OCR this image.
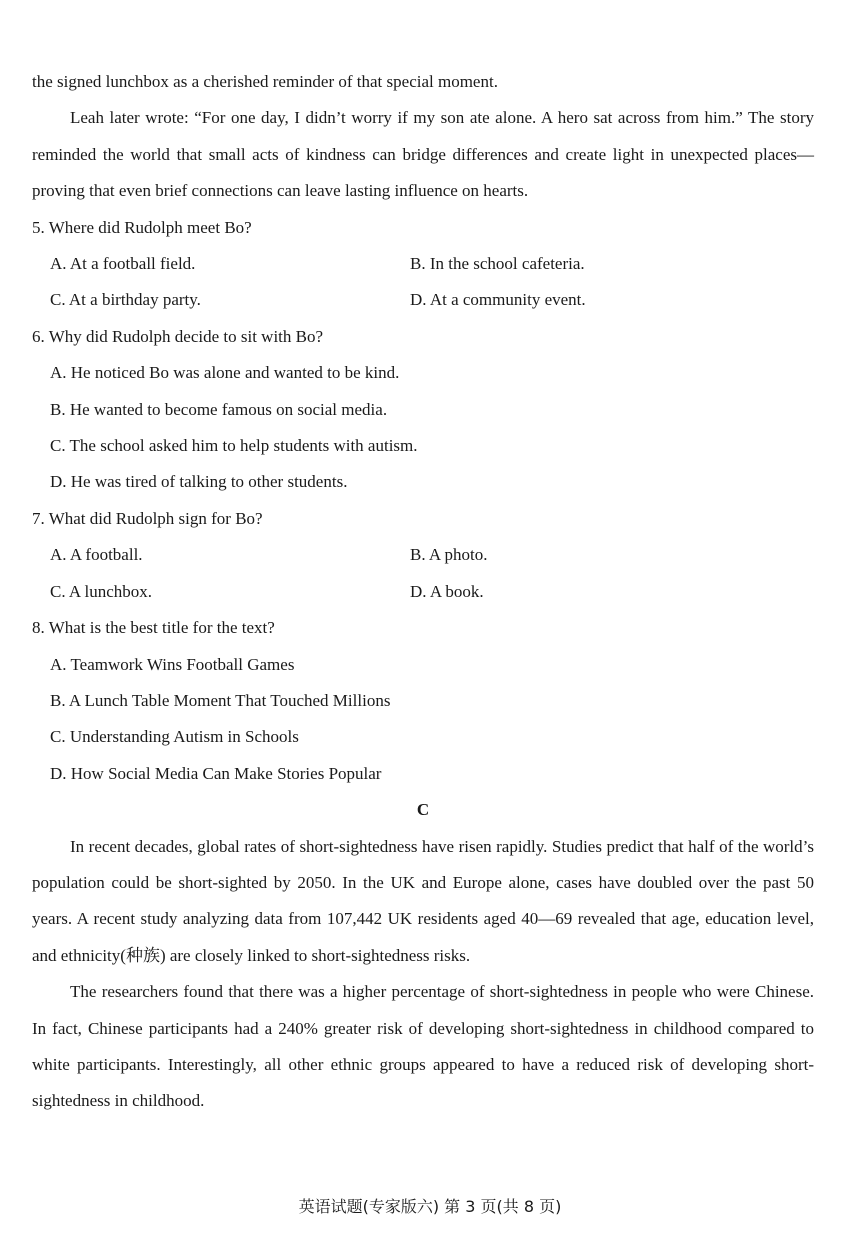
the signed lunchbox as a cherished reminder of that special moment.

Leah later wrote: “For one day, I didn’t worry if my son ate alone. A hero sat across from him.” The story reminded the world that small acts of kindness can bridge differences and create light in unexpected places—proving that even brief connections can leave lasting influence on hearts.

5. Where did Rudolph meet Bo?

A. At a football field.	B. In the school cafeteria.
C. At a birthday party.	D. At a community event.

6. Why did Rudolph decide to sit with Bo?

A. He noticed Bo was alone and wanted to be kind.

B. He wanted to become famous on social media.

C. The school asked him to help students with autism.

D. He was tired of talking to other students.

7. What did Rudolph sign for Bo?

A. A football.	B. A photo.
C. A lunchbox.	D. A book.

8. What is the best title for the text?

A. Teamwork Wins Football Games

B. A Lunch Table Moment That Touched Millions

C. Understanding Autism in Schools

D. How Social Media Can Make Stories Popular

C

In recent decades, global rates of short-sightedness have risen rapidly. Studies predict that half of the world’s population could be short-sighted by 2050. In the UK and Europe alone, cases have doubled over the past 50 years. A recent study analyzing data from 107,442 UK residents aged 40—69 revealed that age, education level, and ethnicity(种族) are closely linked to short-sightedness risks.

The researchers found that there was a higher percentage of short-sightedness in people who were Chinese. In fact, Chinese participants had a 240% greater risk of developing short-sightedness in childhood compared to white participants. Interestingly, all other ethnic groups appeared to have a reduced risk of developing short-sightedness in childhood.

英语试题(专家版六) 第 3 页(共 8 页)
